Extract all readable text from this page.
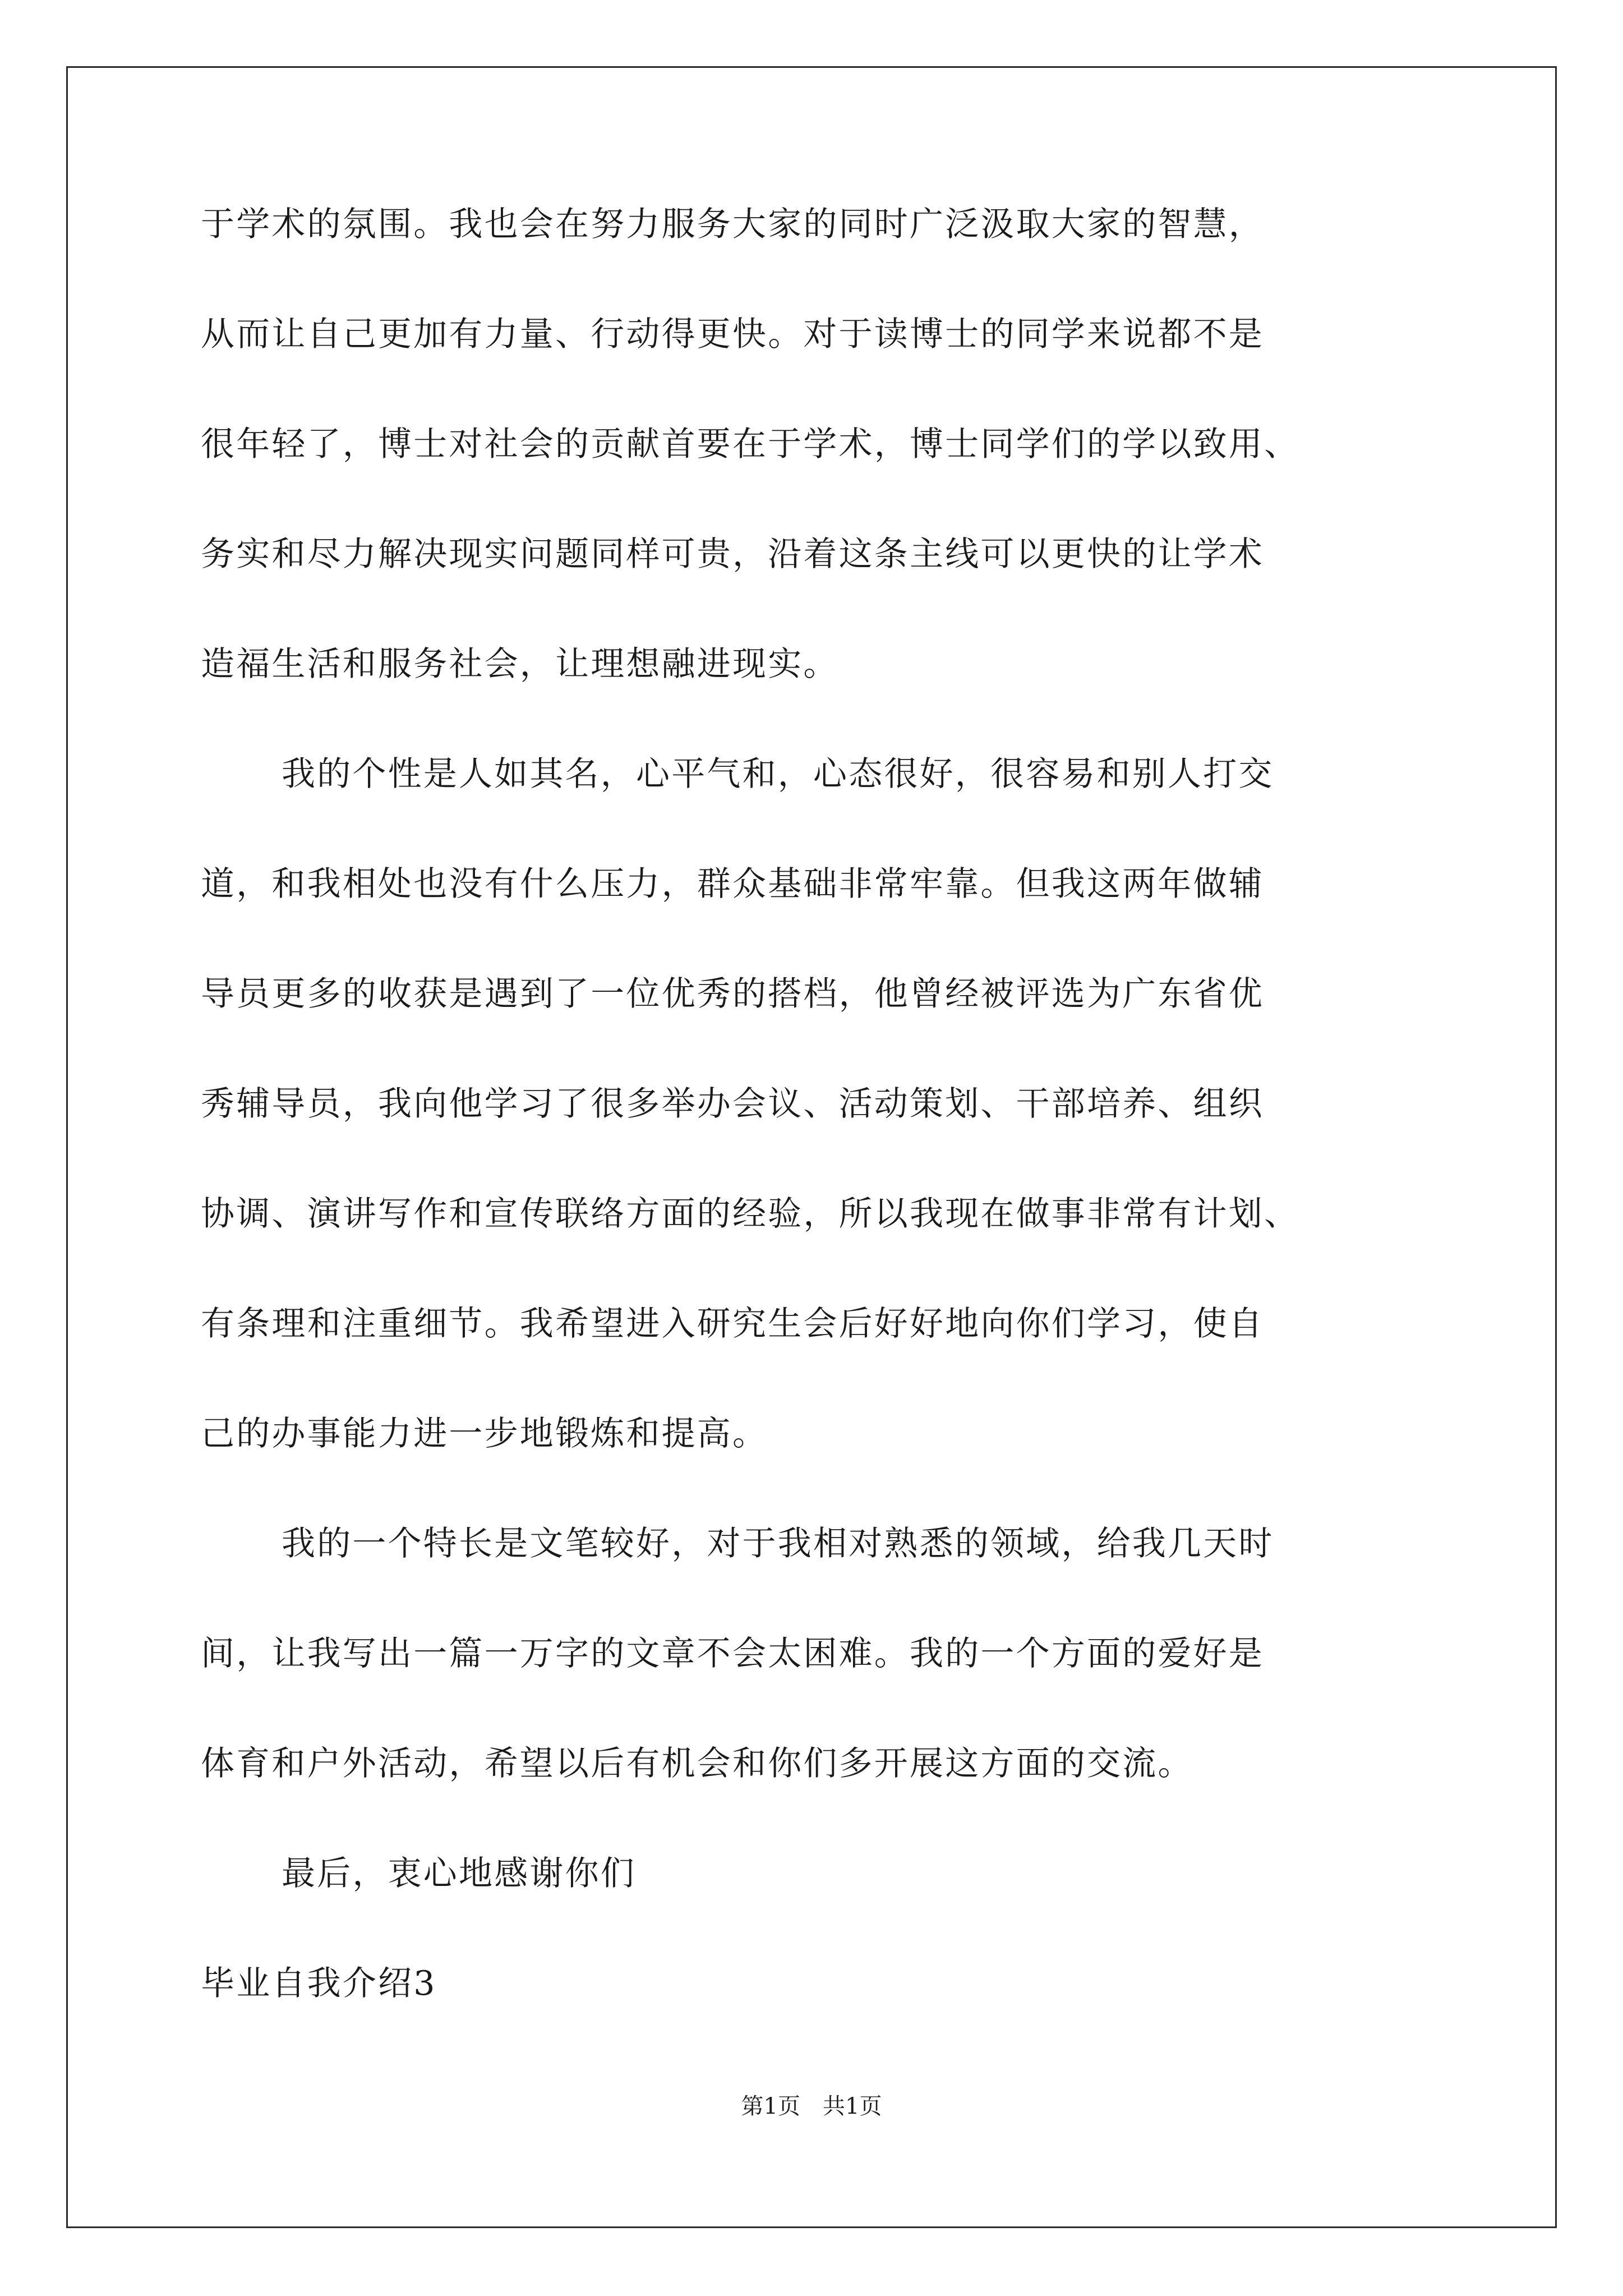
于学术的氛围。我也会在努力服务大家的同时广泛汲取大家的智慧，
从而让自己更加有力量、行动得更快。对于读博士的同学来说都不是
很年轻了，博士对社会的贡献首要在于学术，博士同学们的学以致用、
务实和尽力解决现实问题同样可贵，沿着这条主线可以更快的让学术
造福生活和服务社会，让理想融进现实。
我的个性是人如其名，心平气和，心态很好，很容易和别人打交
道，和我相处也没有什么压力，群众基础非常牢靠。但我这两年做辅
导员更多的收获是遇到了一位优秀的搭档，他曾经被评选为广东省优
秀辅导员，我向他学习了很多举办会议、活动策划、干部培养、组织
协调、演讲写作和宣传联络方面的经验，所以我现在做事非常有计划、
有条理和注重细节。我希望进入研究生会后好好地向你们学习，使自
己的办事能力进一步地锻炼和提高。
我的一个特长是文笔较好，对于我相对熟悉的领域，给我几天时
间，让我写出一篇一万字的文章不会太困难。我的一个方面的爱好是
体育和户外活动，希望以后有机会和你们多开展这方面的交流。
最后，衷心地感谢你们
毕业自我介绍3
第1页 共1页
